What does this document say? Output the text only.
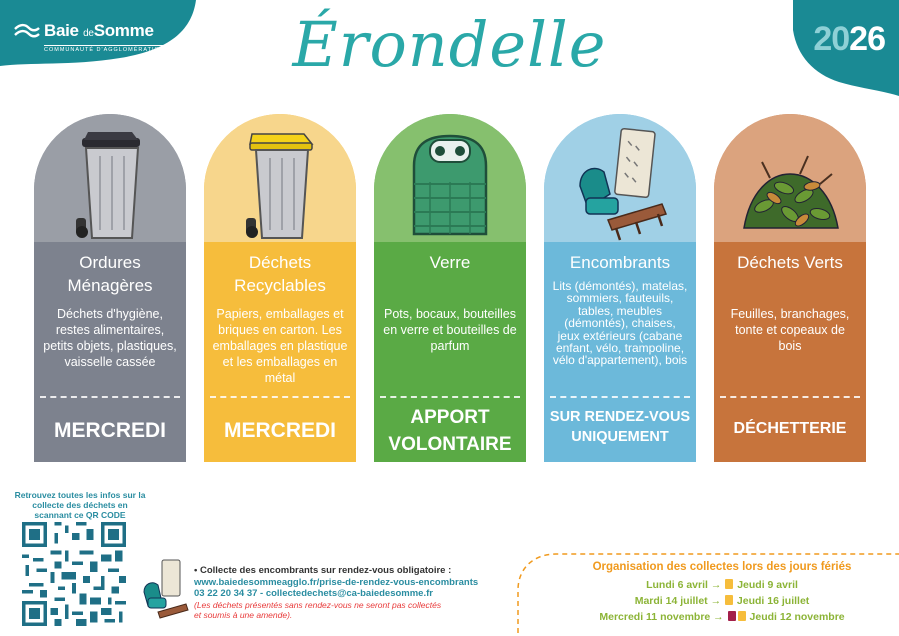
Baie deSomme
COMMUNAUTÉ D'AGGLOMÉRATION	Érondelle	2026
Ordures Ménagères
Déchets d'hygiène, restes alimentaires, petits objets, plastiques, vaisselle cassée
MERCREDI
Déchets Recyclables
Papiers, emballages et briques en carton. Les emballages en plastique et les emballages en métal
MERCREDI
Verre
Pots, bocaux, bouteilles en verre et bouteilles de parfum
APPORT VOLONTAIRE
Encombrants
Lits (démontés), matelas, sommiers, fauteuils, tables, meubles (démontés), chaises, jeux extérieurs (cabane enfant, vélo, trampoline, vélo d'appartement), bois
SUR RENDEZ-VOUS UNIQUEMENT
Déchets Verts
Feuilles, branchages, tonte et copeaux de bois
DÉCHETTERIE
Retrouvez toutes les infos sur la collecte des déchets en scannant ce QR CODE
• Collecte des encombrants sur rendez-vous obligatoire :
www.baiedesommeagglo.fr/prise-de-rendez-vous-encombrants
03 22 20 34 37 - collectedechets@ca-baiedesomme.fr
(Les déchets présentés sans rendez-vous ne seront pas collectés
et soumis à une amende).
Organisation des collectes lors des jours fériés
Lundi 6 avril → Jeudi 9 avril
Mardi 14 juillet → Jeudi 16 juillet
Mercredi 11 novembre → Jeudi 12 novembre
